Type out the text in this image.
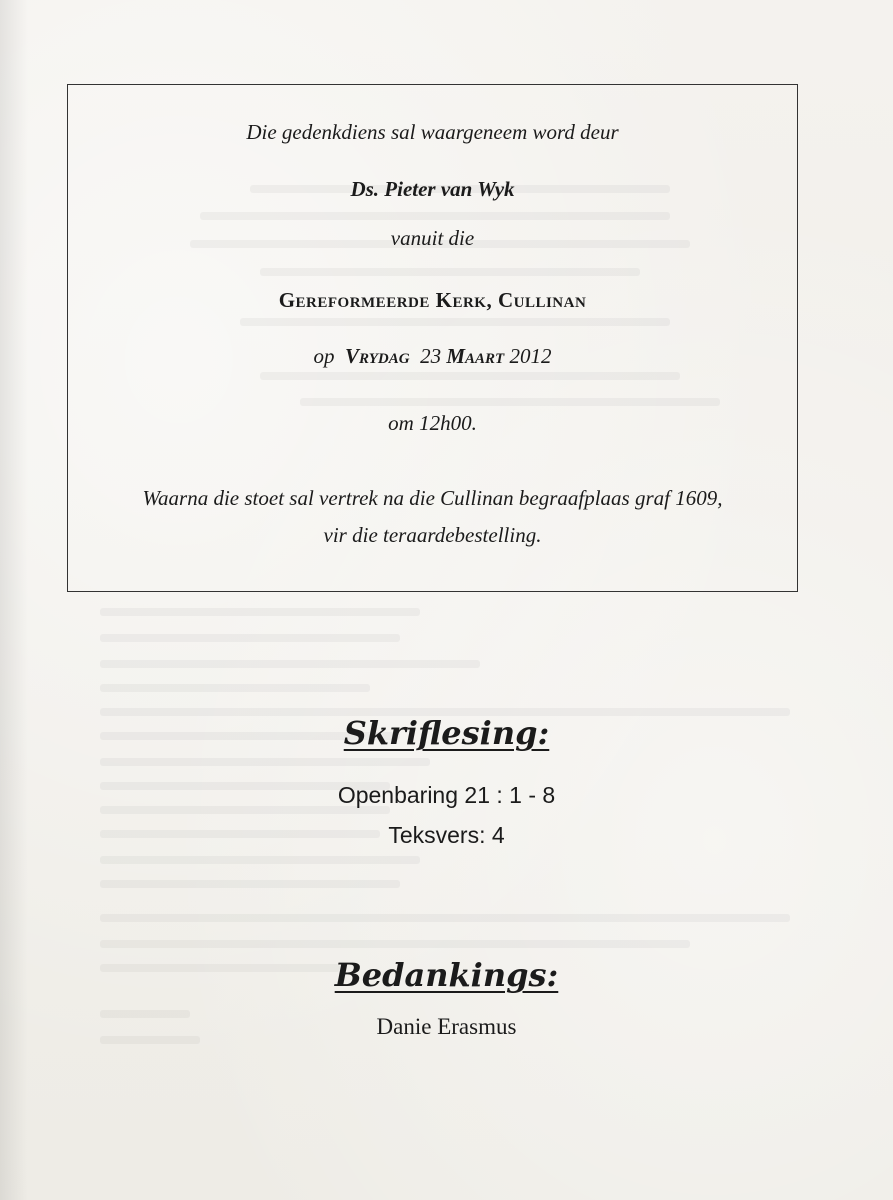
Die gedenkdiens sal waargeneem word deur
Ds. Pieter van Wyk
vanuit die
Gereformeerde Kerk, Cullinan
op Vrydag 23 Maart 2012
om 12h00.
Waarna die stoet sal vertrek na die Cullinan begraafplaas graf 1609,
vir die teraardebestelling.
Skriflesing:
Openbaring 21 : 1 - 8
Teksvers: 4
Bedankings:
Danie Erasmus
